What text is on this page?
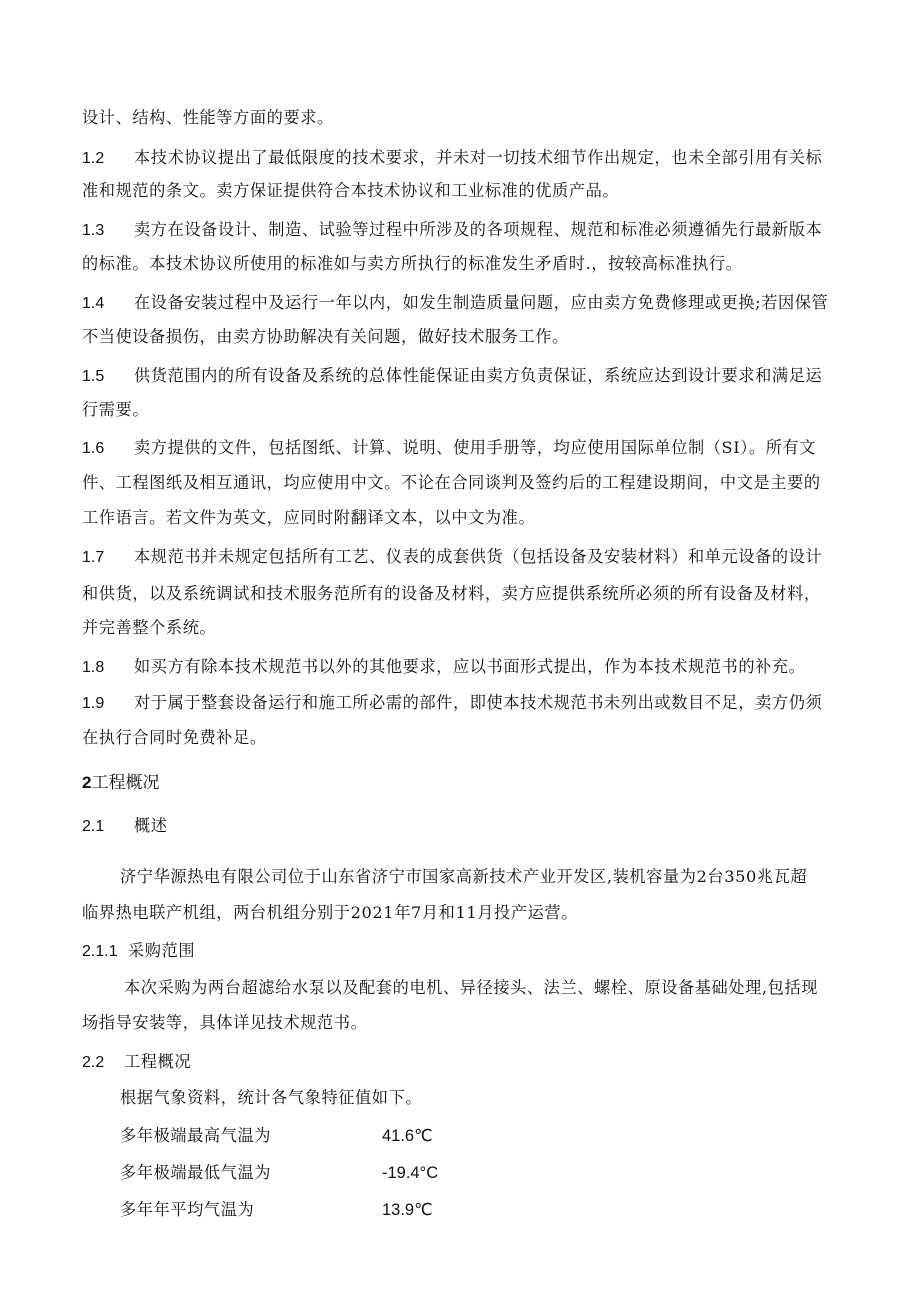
设计、结构、性能等方面的要求。
1.2 本技术协议提出了最低限度的技术要求，并未对一切技术细节作出规定，也未全部引用有关标
准和规范的条文。卖方保证提供符合本技术协议和工业标准的优质产品。
1.3 卖方在设备设计、制造、试验等过程中所涉及的各项规程、规范和标准必须遵循先行最新版本
的标准。本技术协议所使用的标准如与卖方所执行的标准发生矛盾时.，按较高标准执行。
1.4 在设备安装过程中及运行一年以内，如发生制造质量问题，应由卖方免费修理或更换;若因保管
不当使设备损伤，由卖方协助解决有关问题，做好技术服务工作。
1.5 供货范围内的所有设备及系统的总体性能保证由卖方负责保证，系统应达到设计要求和满足运
行需要。
1.6 卖方提供的文件，包括图纸、计算、说明、使用手册等，均应使用国际单位制（SI）。所有文
件、工程图纸及相互通讯，均应使用中文。不论在合同谈判及签约后的工程建设期间，中文是主要的
工作语言。若文件为英文，应同时附翻译文本，以中文为准。
1.7 本规范书并未规定包括所有工艺、仪表的成套供货（包括设备及安装材料）和单元设备的设计
和供货，以及系统调试和技术服务范所有的设备及材料，卖方应提供系统所必须的所有设备及材料，
并完善整个系统。
1.8 如买方有除本技术规范书以外的其他要求，应以书面形式提出，作为本技术规范书的补充。
1.9 对于属于整套设备运行和施工所必需的部件，即使本技术规范书未列出或数目不足，卖方仍须
在执行合同时免费补足。
2工程概况
2.1 概述
济宁华源热电有限公司位于山东省济宁市国家高新技术产业开发区,装机容量为2台350兆瓦超
临界热电联产机组，两台机组分别于2021年7月和11月投产运营。
2.1.1 采购范围
本次采购为两台超滤给水泵以及配套的电机、异径接头、法兰、螺栓、原设备基础处理,包括现
场指导安装等，具体详见技术规范书。
2.2 工程概况
根据气象资料，统计各气象特征值如下。
多年极端最高气温为	41.6℃
多年极端最低气温为	-19.4°C
多年年平均气温为	13.9℃
